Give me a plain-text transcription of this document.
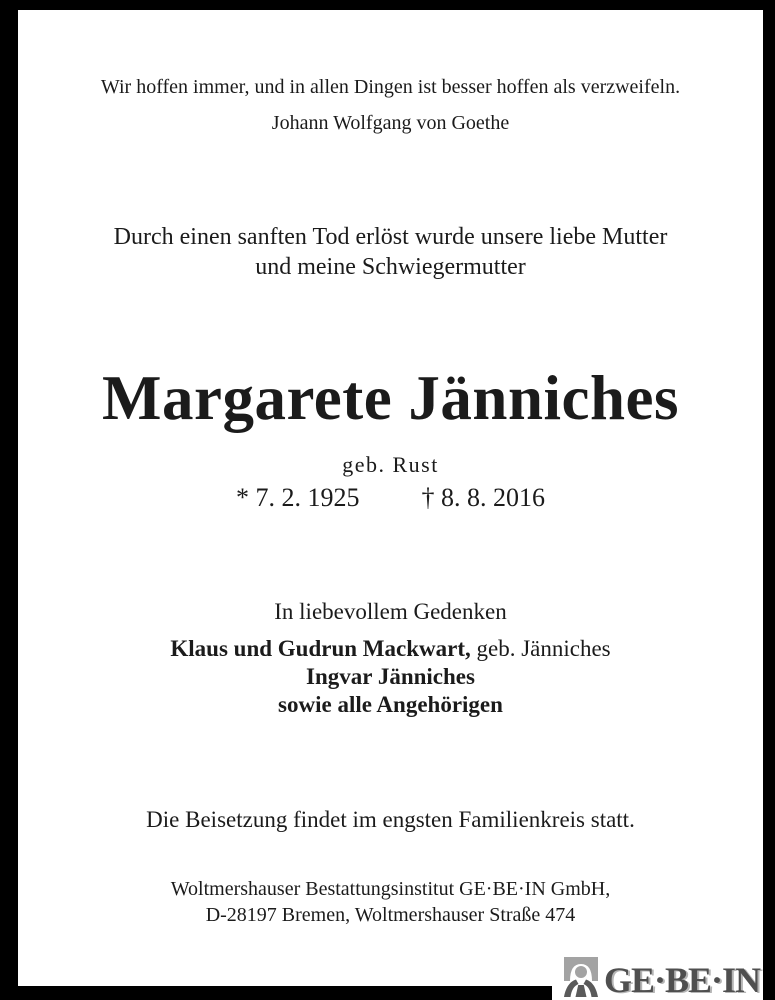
Wir hoffen immer, und in allen Dingen ist besser hoffen als verzweifeln.
Johann Wolfgang von Goethe
Durch einen sanften Tod erlöst wurde unsere liebe Mutter
und meine Schwiegermutter
Margarete Jänniches
geb. Rust
* 7. 2. 1925 † 8. 8. 2016
In liebevollem Gedenken
Klaus und Gudrun Mackwart, geb. Jänniches
Ingvar Jänniches
sowie alle Angehörigen
Die Beisetzung findet im engsten Familienkreis statt.
Woltmershauser Bestattungsinstitut GE·BE·IN GmbH,
D-28197 Bremen, Woltmershauser Straße 474
GE·BE·IN
